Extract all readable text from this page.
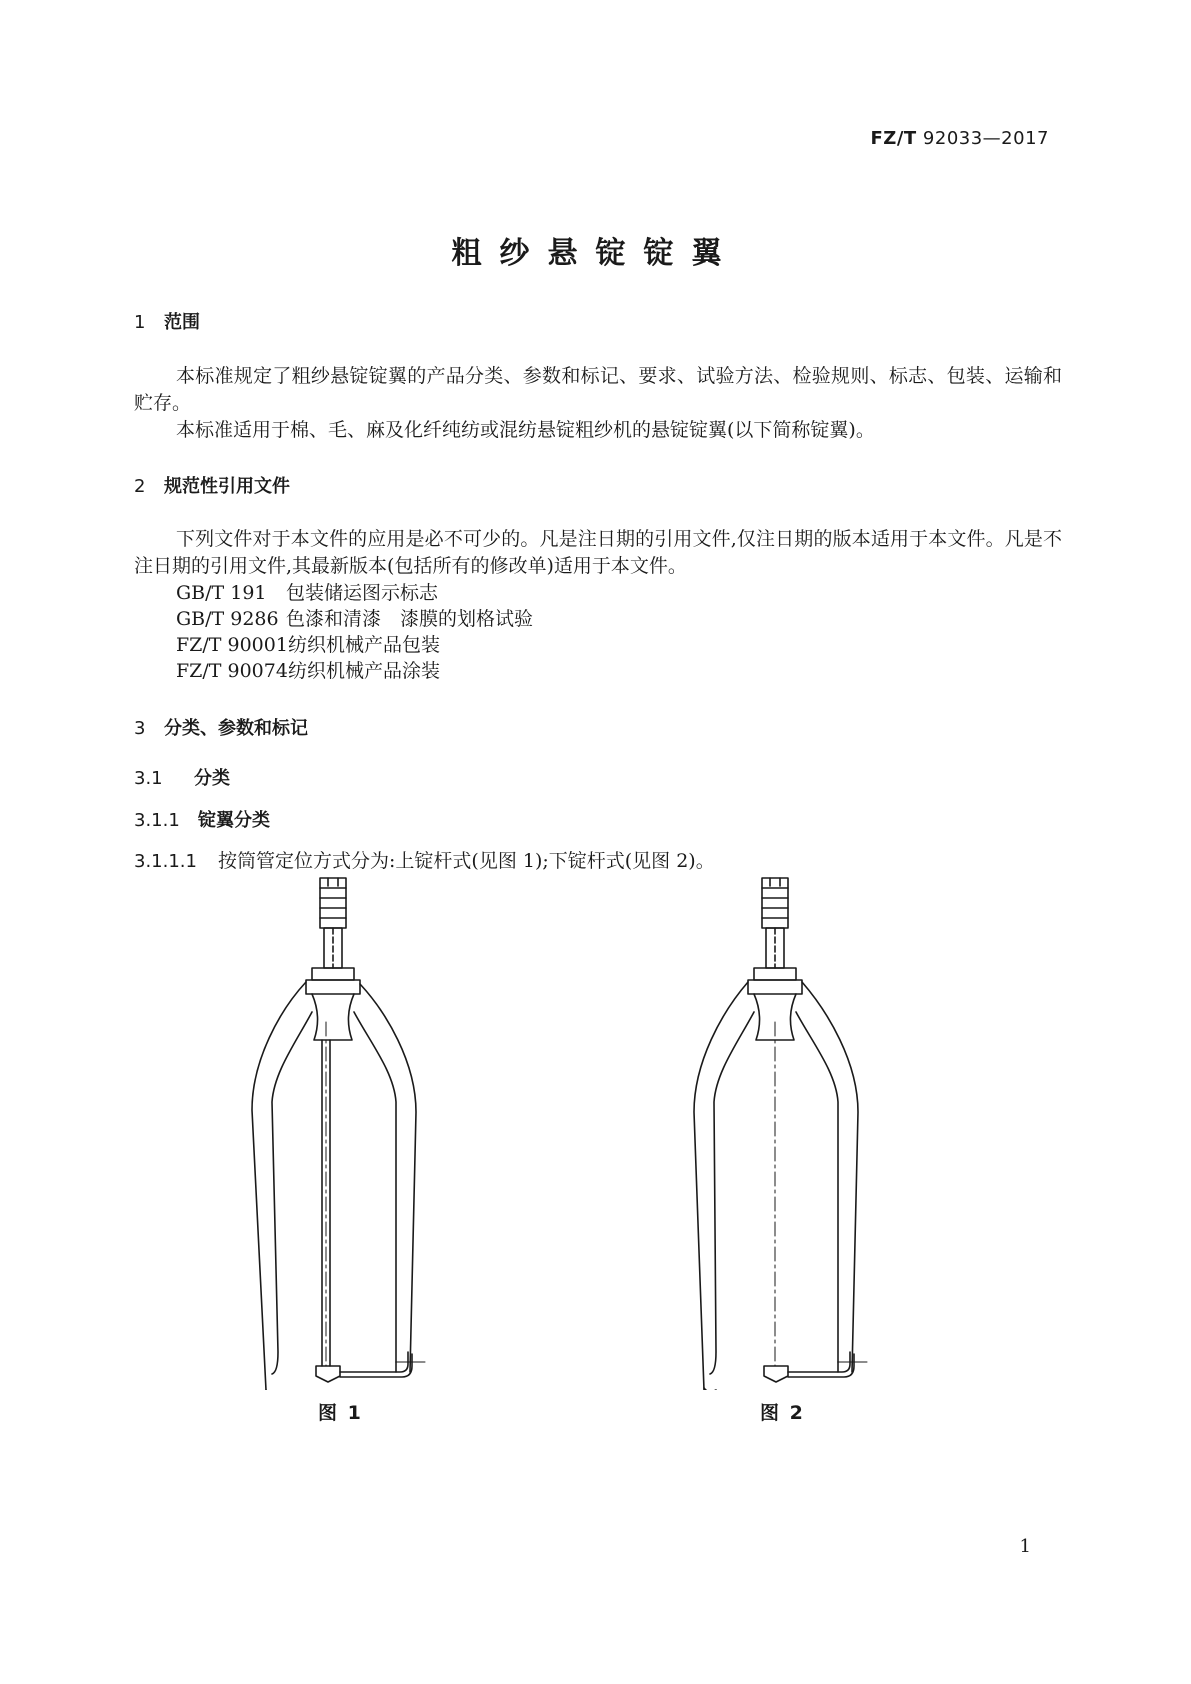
FZ/T 92033—2017
粗纱悬锭锭翼
1 范围

本标准规定了粗纱悬锭锭翼的产品分类、参数和标记、要求、试验方法、检验规则、标志、包装、运输和贮存。

本标准适用于棉、毛、麻及化纤纯纺或混纺悬锭粗纱机的悬锭锭翼(以下简称锭翼)。

2 规范性引用文件

下列文件对于本文件的应用是必不可少的。凡是注日期的引用文件,仅注日期的版本适用于本文件。凡是不注日期的引用文件,其最新版本(包括所有的修改单)适用于本文件。

GB/T 191 包装储运图示标志
GB/T 9286 色漆和清漆　漆膜的划格试验
FZ/T 90001纺织机械产品包装
FZ/T 90074纺织机械产品涂装
3 分类、参数和标记
3.1 分类
3.1.1 锭翼分类
3.1.1.1 按筒管定位方式分为:上锭杆式(见图 1);下锭杆式(见图 2)。
图 1	图 2
1
